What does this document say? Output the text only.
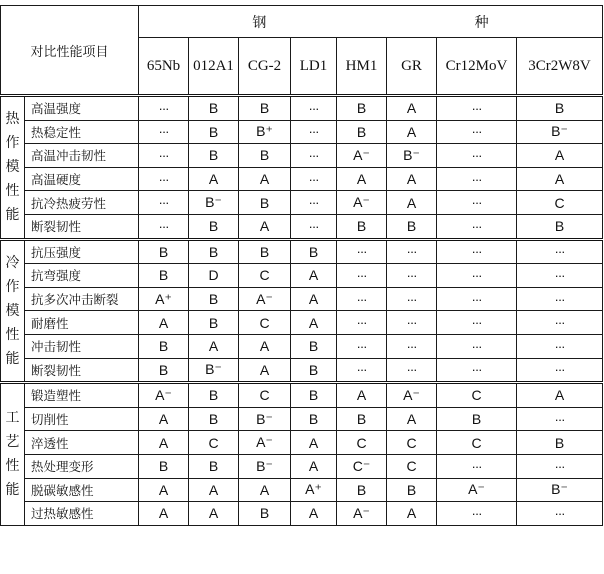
对比性能项目		钢 种							
		65Nb	012A1	CG-2	LD1	HM1	GR	Cr12MoV	3Cr2W8V

热
作
模
性
能	高温强度	···	B	B	···	B	A	···	B
	热稳定性	···	B	B⁺	···	B	A	···	B⁻
	高温冲击韧性	···	B	B	···	A⁻	B⁻	···	A
	高温硬度	···	A	A	···	A	A	···	A
	抗冷热疲劳性	···	B⁻	B	···	A⁻	A	···	C
	断裂韧性	···	B	A	···	B	B	···	B

冷
作
模
性
能	抗压强度	B	B	B	B	···	···	···	···
	抗弯强度	B	D	C	A	···	···	···	···
	抗多次冲击断裂	A⁺	B	A⁻	A	···	···	···	···
	耐磨性	A	B	C	A	···	···	···	···
	冲击韧性	B	A	A	B	···	···	···	···
	断裂韧性	B	B⁻	A	B	···	···	···	···

工
艺
性
能	锻造塑性	A⁻	B	C	B	A	A⁻	C	A
	切削性	A	B	B⁻	B	B	A	B	···
	淬透性	A	C	A⁻	A	C	C	C	B
	热处理变形	B	B	B⁻	A	C⁻	C	···	···
	脱碳敏感性	A	A	A	A⁺	B	B	A⁻	B⁻
	过热敏感性	A	A	B	A	A⁻	A	···	···
